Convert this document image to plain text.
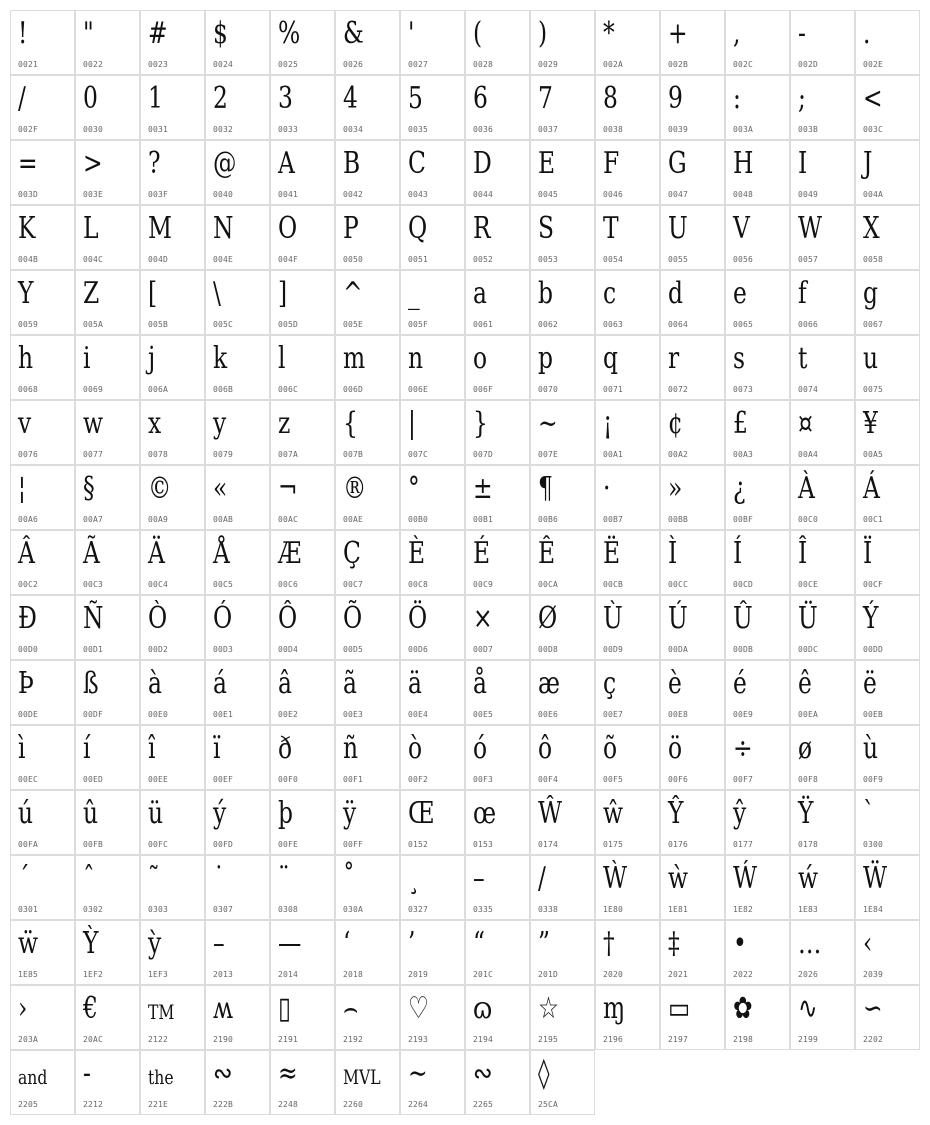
!
0021
"
0022
#
0023
$
0024
%
0025
&
0026
'
0027
(
0028
)
0029
*
002A
+
002B
,
002C
-
002D
.
002E
/
002F
0
0030
1
0031
2
0032
3
0033
4
0034
5
0035
6
0036
7
0037
8
0038
9
0039
:
003A
;
003B
<
003C
=
003D
>
003E
?
003F
@
0040
A
0041
B
0042
C
0043
D
0044
E
0045
F
0046
G
0047
H
0048
I
0049
J
004A
K
004B
L
004C
M
004D
N
004E
O
004F
P
0050
Q
0051
R
0052
S
0053
T
0054
U
0055
V
0056
W
0057
X
0058
Y
0059
Z
005A
[
005B
\
005C
]
005D
^
005E
_
005F
a
0061
b
0062
c
0063
d
0064
e
0065
f
0066
g
0067
h
0068
i
0069
j
006A
k
006B
l
006C
m
006D
n
006E
o
006F
p
0070
q
0071
r
0072
s
0073
t
0074
u
0075
v
0076
w
0077
x
0078
y
0079
z
007A
{
007B
|
007C
}
007D
~
007E
¡
00A1
¢
00A2
£
00A3
¤
00A4
¥
00A5
¦
00A6
§
00A7
©
00A9
«
00AB
¬
00AC
®
00AE
°
00B0
±
00B1
¶
00B6
·
00B7
»
00BB
¿
00BF
À
00C0
Á
00C1
Â
00C2
Ã
00C3
Ä
00C4
Å
00C5
Æ
00C6
Ç
00C7
È
00C8
É
00C9
Ê
00CA
Ë
00CB
Ì
00CC
Í
00CD
Î
00CE
Ï
00CF
Ð
00D0
Ñ
00D1
Ò
00D2
Ó
00D3
Ô
00D4
Õ
00D5
Ö
00D6
×
00D7
Ø
00D8
Ù
00D9
Ú
00DA
Û
00DB
Ü
00DC
Ý
00DD
Þ
00DE
ß
00DF
à
00E0
á
00E1
â
00E2
ã
00E3
ä
00E4
å
00E5
æ
00E6
ç
00E7
è
00E8
é
00E9
ê
00EA
ë
00EB
ì
00EC
í
00ED
î
00EE
ï
00EF
ð
00F0
ñ
00F1
ò
00F2
ó
00F3
ô
00F4
õ
00F5
ö
00F6
÷
00F7
ø
00F8
ù
00F9
ú
00FA
û
00FB
ü
00FC
ý
00FD
þ
00FE
ÿ
00FF
Œ
0152
œ
0153
Ŵ
0174
ŵ
0175
Ŷ
0176
ŷ
0177
Ÿ
0178
`
0300
´
0301
ˆ
0302
˜
0303
˙
0307
¨
0308
˚
030A
¸
0327
–
0335
/
0338
Ẁ
1E80
ẁ
1E81
Ẃ
1E82
ẃ
1E83
Ẅ
1E84
ẅ
1E85
Ỳ
1EF2
ỳ
1EF3
–
2013
—
2014
‘
2018
’
2019
“
201C
”
201D
†
2020
‡
2021
•
2022
…
2026
‹
2039
›
203A
€
20AC
TM
2122
ʍ
2190
▯
2191
⌢
2192
♡
2193
ɷ
2194
☆
2195
ɱ
2196
▭
2197
✿
2198
∿
2199
∽
2202
and
2205
-
2212
the
221E
∾
222B
≈
2248
MVL
2260
∼
2264
∾
2265
◊
25CA
